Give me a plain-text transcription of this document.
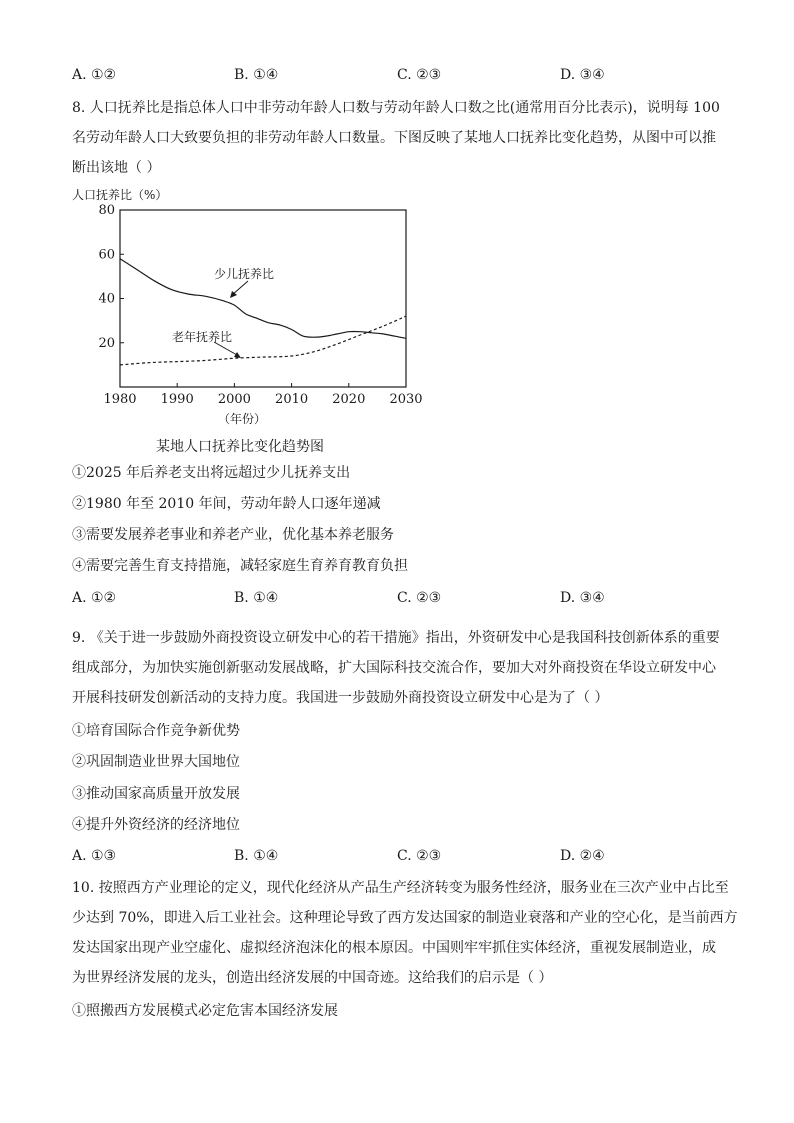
A. ①②	B. ①④	C. ②③	D. ③④
8. 人口抚养比是指总体人口中非劳动年龄人口数与劳动年龄人口数之比(通常用百分比表示)，说明每 100
名劳动年龄人口大致要负担的非劳动年龄人口数量。下图反映了某地人口抚养比变化趋势，从图中可以推
断出该地（ ）
人口抚养比（%）
1980 1990 2000 2010 2020 2030
20
40
60
80
少儿抚养比
老年抚养比
（年份）
某地人口抚养比变化趋势图
①2025 年后养老支出将远超过少儿抚养支出
②1980 年至 2010 年间，劳动年龄人口逐年递减
③需要发展养老事业和养老产业，优化基本养老服务
④需要完善生育支持措施，减轻家庭生育养育教育负担
A. ①②	B. ①④	C. ②③	D. ③④
9. 《关于进一步鼓励外商投资设立研发中心的若干措施》指出，外资研发中心是我国科技创新体系的重要
组成部分，为加快实施创新驱动发展战略，扩大国际科技交流合作，要加大对外商投资在华设立研发中心
开展科技研发创新活动的支持力度。我国进一步鼓励外商投资设立研发中心是为了（ ）
①培育国际合作竞争新优势
②巩固制造业世界大国地位
③推动国家高质量开放发展
④提升外资经济的经济地位
A. ①③	B. ①④	C. ②③	D. ②④
10. 按照西方产业理论的定义，现代化经济从产品生产经济转变为服务性经济，服务业在三次产业中占比至
少达到 70%，即进入后工业社会。这种理论导致了西方发达国家的制造业衰落和产业的空心化，是当前西方
发达国家出现产业空虚化、虚拟经济泡沫化的根本原因。中国则牢牢抓住实体经济，重视发展制造业，成
为世界经济发展的龙头，创造出经济发展的中国奇迹。这给我们的启示是（ ）
①照搬西方发展模式必定危害本国经济发展
